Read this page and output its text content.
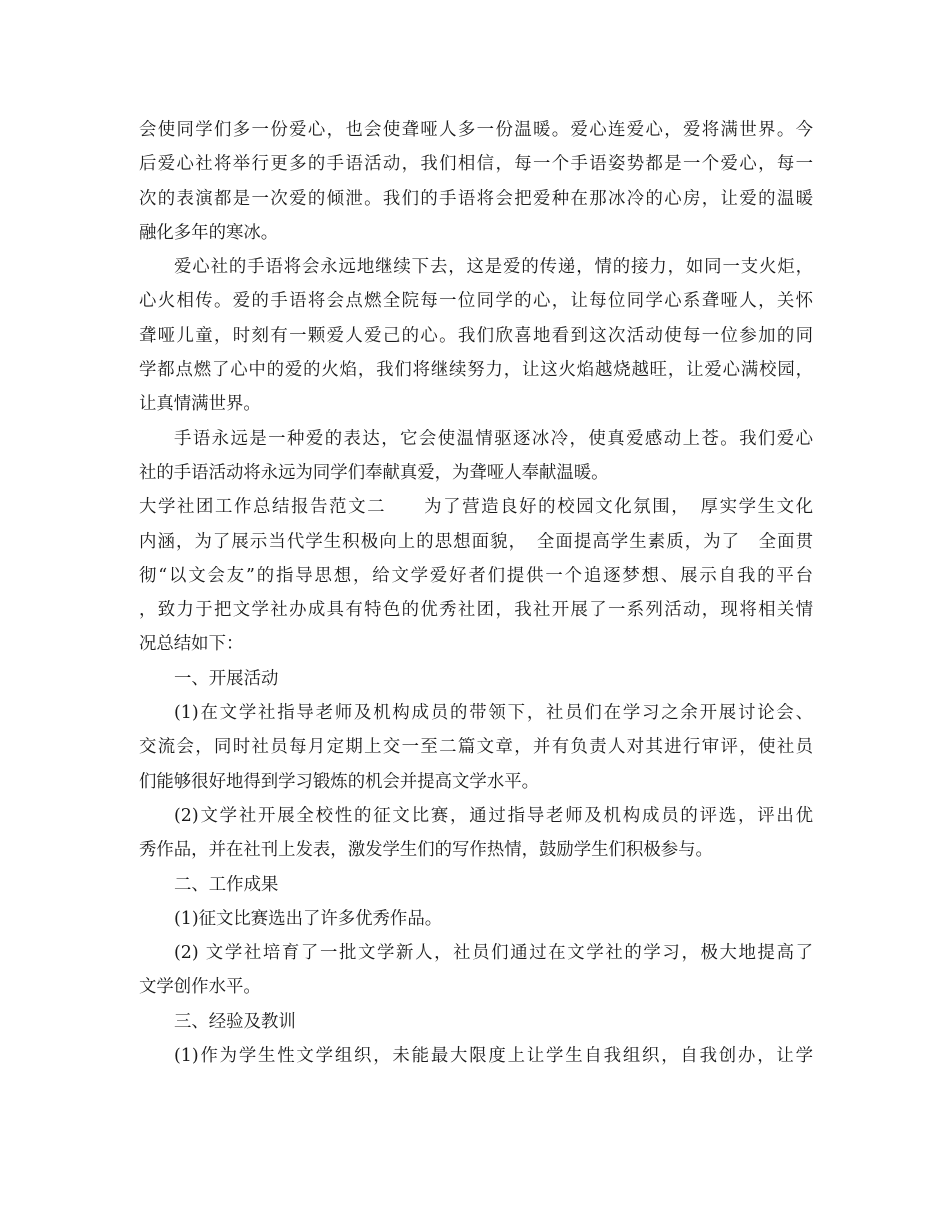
会使同学们多一份爱心，也会使聋哑人多一份温暖。爱心连爱心，爱将满世界。今
后爱心社将举行更多的手语活动，我们相信，每一个手语姿势都是一个爱心，每一
次的表演都是一次爱的倾泄。我们的手语将会把爱种在那冰冷的心房，让爱的温暖
融化多年的寒冰。
爱心社的手语将会永远地继续下去，这是爱的传递，情的接力，如同一支火炬，
心火相传。爱的手语将会点燃全院每一位同学的心，让每位同学心系聋哑人，关怀
聋哑儿童，时刻有一颗爱人爱己的心。我们欣喜地看到这次活动使每一位参加的同
学都点燃了心中的爱的火焰，我们将继续努力，让这火焰越烧越旺，让爱心满校园，
让真情满世界。
手语永远是一种爱的表达，它会使温情驱逐冰冷，使真爱感动上苍。我们爱心
社的手语活动将永远为同学们奉献真爱，为聋哑人奉献温暖。
大学社团工作总结报告范文二　　为了营造良好的校园文化氛围，　厚实学生文化
内涵，为了展示当代学生积极向上的思想面貌，　全面提高学生素质，为了　全面贯
彻“以文会友”的指导思想，给文学爱好者们提供一个追逐梦想、展示自我的平台
，致力于把文学社办成具有特色的优秀社团，我社开展了一系列活动，现将相关情
况总结如下：
一、开展活动
(1)在文学社指导老师及机构成员的带领下，社员们在学习之余开展讨论会、
交流会，同时社员每月定期上交一至二篇文章，并有负责人对其进行审评，使社员
们能够很好地得到学习锻炼的机会并提高文学水平。
(2)文学社开展全校性的征文比赛，通过指导老师及机构成员的评选，评出优
秀作品，并在社刊上发表，激发学生们的写作热情，鼓励学生们积极参与。
二、工作成果
(1)征文比赛选出了许多优秀作品。
(2) 文学社培育了一批文学新人，社员们通过在文学社的学习，极大地提高了
文学创作水平。
三、经验及教训
(1)作为学生性文学组织，未能最大限度上让学生自我组织，自我创办，让学
